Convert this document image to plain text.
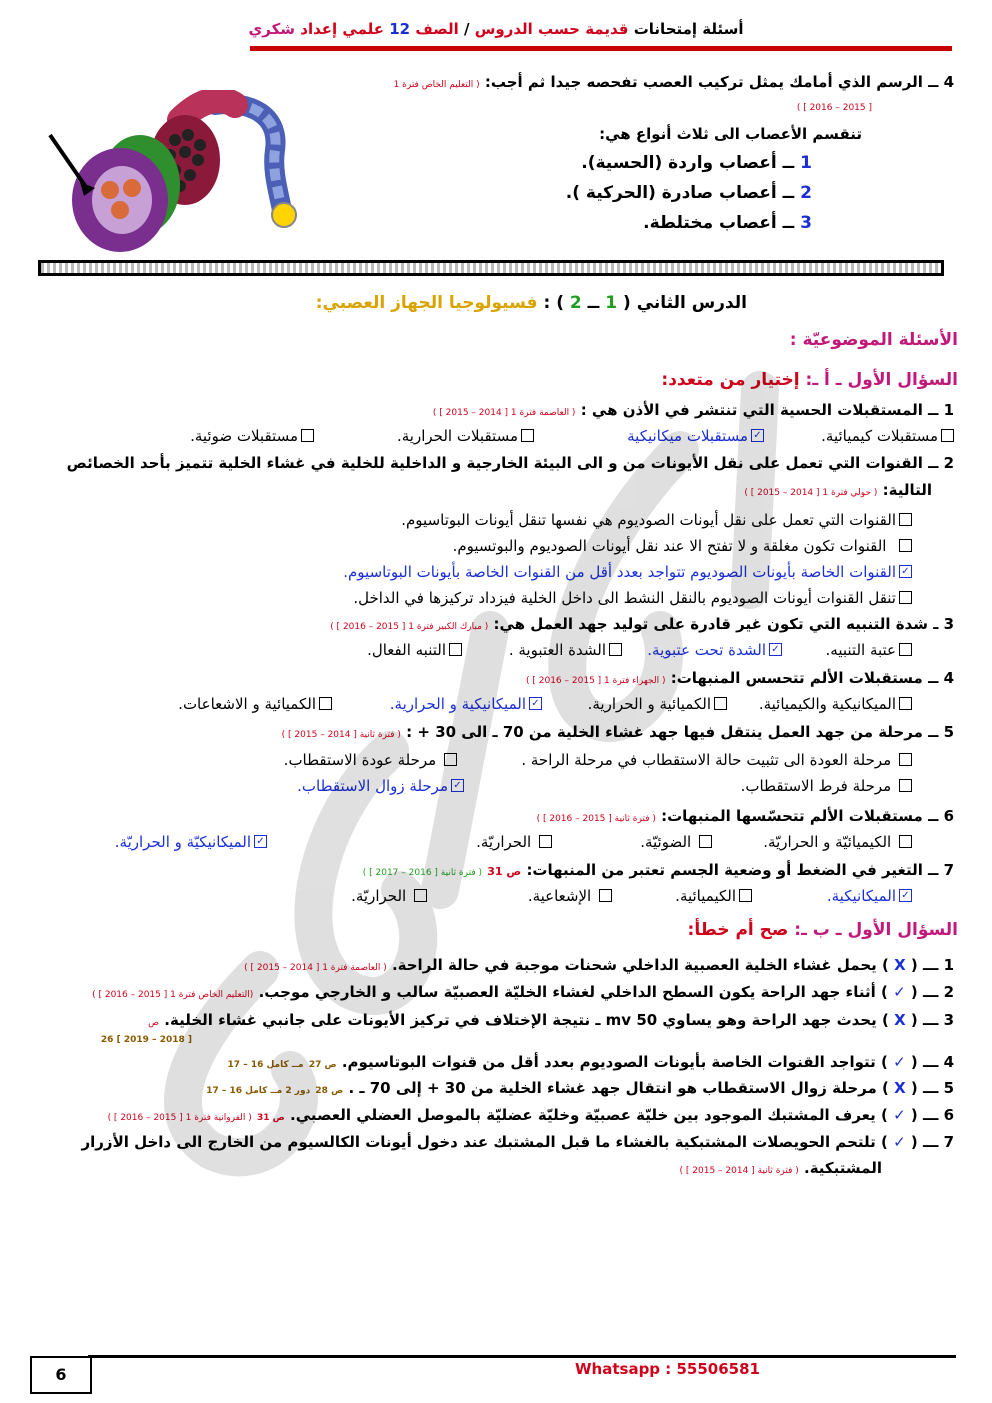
أسئلة إمتحانات قديمة حسب الدروس / الصف 12 علمي إعداد شكري
4 ــ الرسم الذي أمامك يمثل تركيب العصب تفحصه جيدا ثم أجب: ( التعليم الخاص فترة 1
[ 2015 – 2016 ] )
تنقسم الأعصاب الى ثلاث أنواع هي:
1 ــ أعصاب واردة (الحسية).
2 ــ أعصاب صادرة (الحركية ).
3 ــ أعصاب مختلطة.
الدرس الثاني ( 1 ــ 2 ) : فسيولوجيا الجهاز العصبي:
الأسئلة الموضوعيّة :
السؤال الأول ـ أ ـ: إختيار من متعدد:
1 ــ المستقبلات الحسية التي تنتشر في الأذن هي : ( العاصمة فترة 1 [ 2014 – 2015 ] )
مستقبلات كيميائية.
✓مستقبلات ميكانيكية
مستقبلات الحرارية.
مستقبلات ضوئية.
2 ــ القنوات التي تعمل على نقل الأيونات من و الى البيئة الخارجية و الداخلية للخلية في غشاء الخلية تتميز بأحد الخصائص
التالية: ( حولي فترة 1 [ 2014 – 2015 ] )
القنوات التي تعمل على نقل أيونات الصوديوم هي نفسها تنقل أيونات البوتاسيوم.
القنوات تكون مغلقة و لا تفتح الا عند نقل أيونات الصوديوم والبوتسيوم.
✓القنوات الخاصة بأيونات الصوديوم تتواجد بعدد أقل من القنوات الخاصة بأيونات البوتاسيوم.
تنقل القنوات أيونات الصوديوم بالنقل النشط الى داخل الخلية فيزداد تركيزها في الداخل.
3 ـ شدة التنبيه التي تكون غير قادرة على توليد جهد العمل هي: ( مبارك الكبير فترة 1 [ 2015 – 2016 ] )
عتبة التنبيه.
✓الشدة تحت عتبوية.
الشدة العتبوية .
التنبه الفعال.
4 ــ مستقبلات الألم تتحسس المنبهات: ( الجهراء فترة 1 [ 2015 – 2016 ] )
الميكانيكية والكيميائية.
الكميائية و الحرارية.
✓الميكانيكية و الحرارية.
الكميائية و الاشعاعات.
5 ــ مرحلة من جهد العمل ينتقل فيها جهد غشاء الخلية من 70 ـ الى 30 + : ( فترة ثانية [ 2014 – 2015 ] )
مرحلة العودة الى تثبيت حالة الاستقطاب في مرحلة الراحة .
مرحلة عودة الاستقطاب.
مرحلة فرط الاستقطاب.
✓مرحلة زوال الاستقطاب.
6 ــ مستقبلات الألم تتحسّسها المنبهات: ( فترة ثانية [ 2015 – 2016 ] )
الكيميائيّة و الحراريّة.
الضوئيّة.
الحراريّة.
✓الميكانيكيّة و الحراريّة.
7 ــ التغير في الضغط أو وضعية الجسم تعتبر من المنبهات: ص 31 ( فترة ثانية [ 2016 – 2017 ] )
✓الميكانيكية.
الكيميائية.
الإشعاعية.
الحراريّة.
السؤال الأول ـ ب ـ: صح أم خطأ:
1 ـــ ( X ) يحمل غشاء الخلية العصبية الداخلي شحنات موجبة في حالة الراحة. ( العاصمة فترة 1 [ 2014 – 2015 ] )
2 ـــ ( ✓ ) أثناء جهد الراحة يكون السطح الداخلي لغشاء الخليّة العصبيّة سالب و الخارجي موجب. (التعليم الخاص فترة 1 [ 2015 – 2016 ] )
3 ـــ ( X ) يحدث جهد الراحة وهو يساوي 50 mv ـ نتيجة الإختلاف في تركيز الأيونات على جانبي غشاء الخلية. ص
[ 2018 – 2019 ] 26
4 ـــ ( ✓ ) تتواجد القنوات الخاصة بأيونات الصوديوم بعدد أقل من قنوات البوتاسيوم. ص 27 مــ كامل 16 – 17
5 ـــ ( X ) مرحلة زوال الاستقطاب هو انتقال جهد غشاء الخلية من 30 + إلى 70 ـ . ص 28 دور 2 مــ كامل 16 – 17
6 ـــ ( ✓ ) يعرف المشتبك الموجود بين خليّة عصبيّة وخليّة عضليّة بالموصل العضلي العصبي. ص 31 ( الفروانية فترة 1 [ 2015 – 2016 ] )
7 ـــ ( ✓ ) تلتحم الحويصلات المشتبكية بالغشاء ما قبل المشتبك عند دخول أيونات الكالسيوم من الخارج الى داخل الأزرار
المشتبكية. ( فترة ثانية [ 2014 – 2015 ] )
6	Whatsapp : 55506581
